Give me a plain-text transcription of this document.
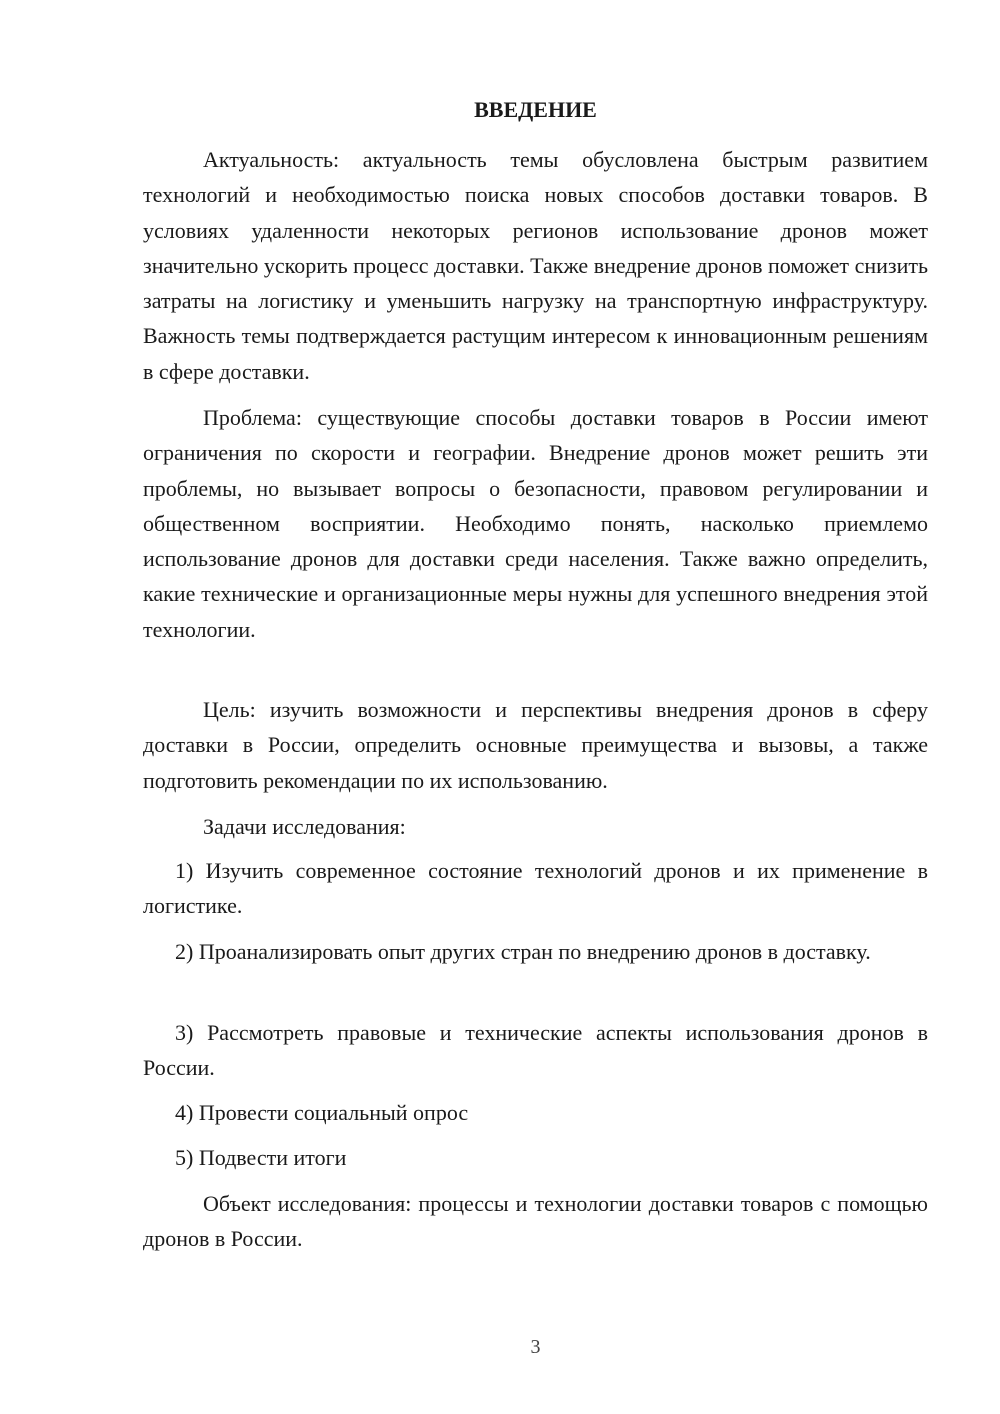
ВВЕДЕНИЕ

Актуальность: актуальность темы обусловлена быстрым развитием технологий и необходимостью поиска новых способов доставки товаров. В условиях удаленности некоторых регионов использование дронов может значительно ускорить процесс доставки. Также внедрение дронов поможет снизить затраты на логистику и уменьшить нагрузку на транспортную инфраструктуру. Важность темы подтверждается растущим интересом к инновационным решениям в сфере доставки.

Проблема: существующие способы доставки товаров в России имеют ограничения по скорости и географии. Внедрение дронов может решить эти проблемы, но вызывает вопросы о безопасности, правовом регулировании и общественном восприятии. Необходимо понять, насколько приемлемо использование дронов для доставки среди населения. Также важно определить, какие технические и организационные меры нужны для успешного внедрения этой технологии.

Цель: изучить возможности и перспективы внедрения дронов в сферу доставки в России, определить основные преимущества и вызовы, а также подготовить рекомендации по их использованию.

Задачи исследования:

1) Изучить современное состояние технологий дронов и их применение в логистике.

2) Проанализировать опыт других стран по внедрению дронов в доставку.

3) Рассмотреть правовые и технические аспекты использования дронов в России.

4) Провести социальный опрос

5) Подвести итоги

Объект исследования: процессы и технологии доставки товаров с помощью дронов в России.

3
